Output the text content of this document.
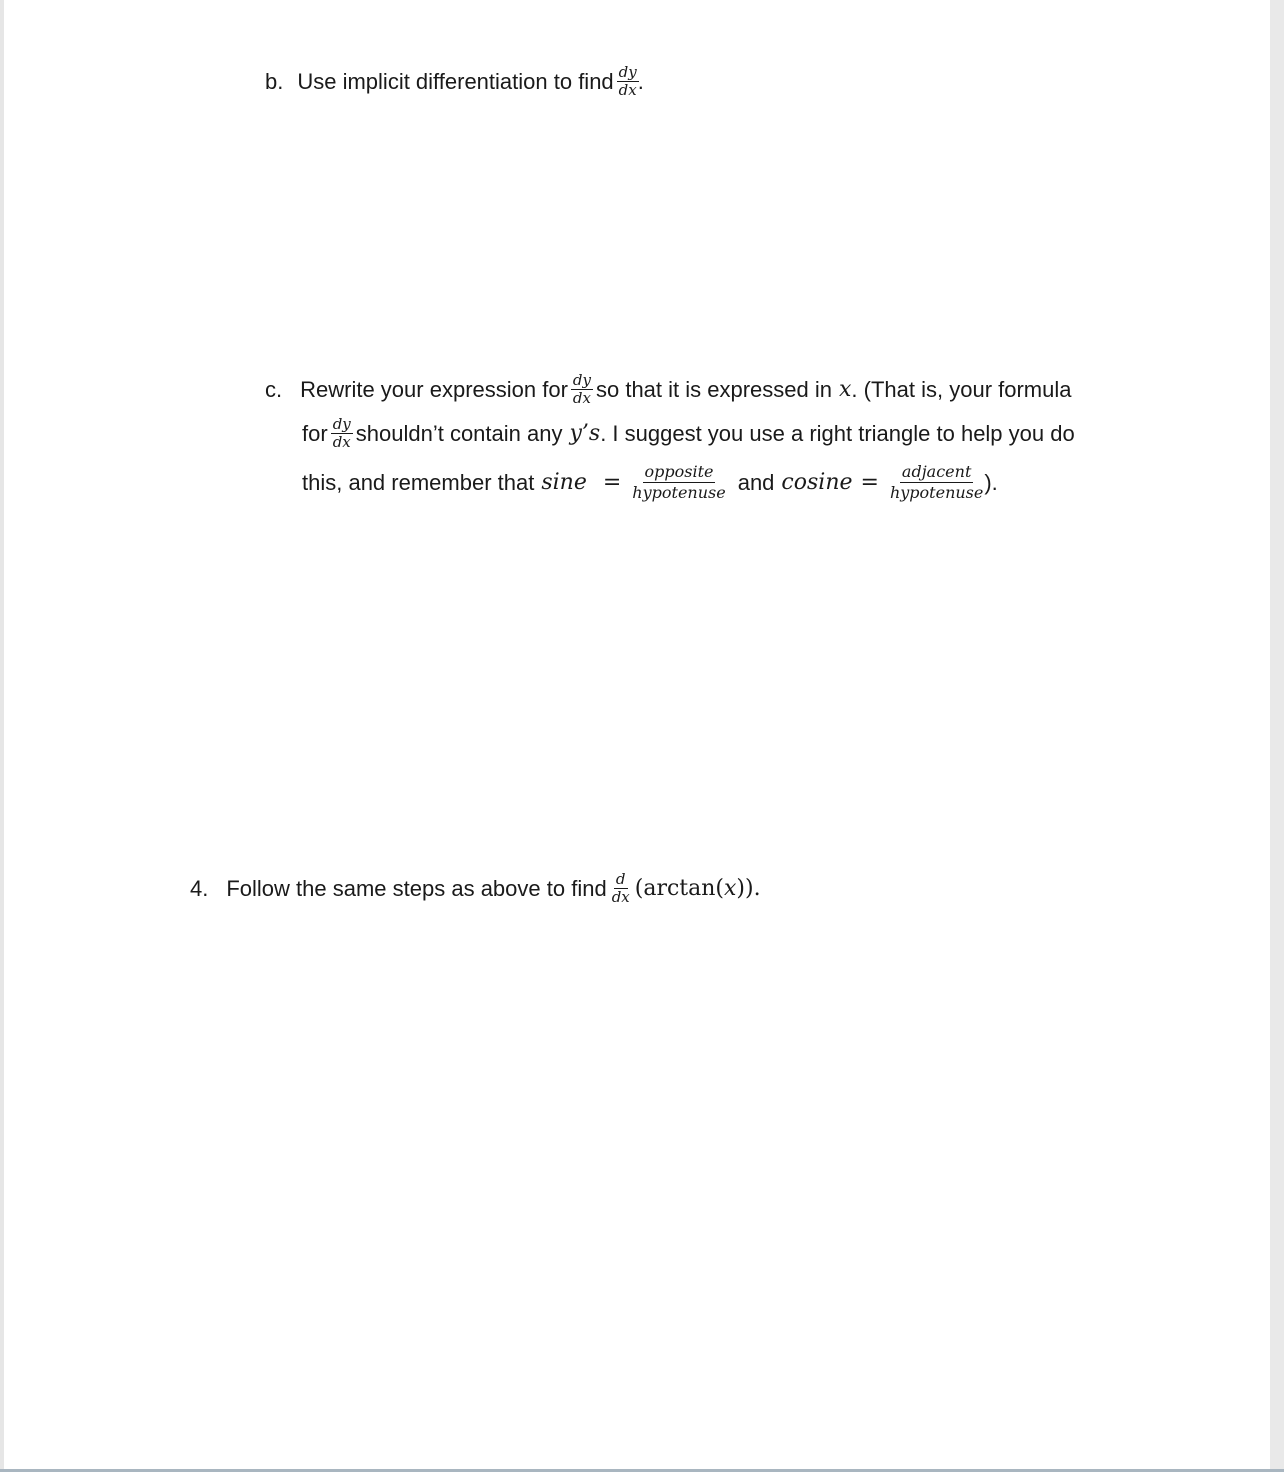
b. Use implicit differentiation to find $\frac{dy}{dx}$ .
c. Rewrite your expression for $\frac{dy}{dx}$ so that it is expressed in x . (That is, your formula
for $\frac{dy}{dx}$ shouldn’t contain any y’s . I suggest you use a right triangle to help you do
this, and remember that $\sin e = \frac{\text{opposite}}{\text{hypotenuse}}$ and $cosine = \frac{\text{adjacent}}{\text{hypotenuse}}$ ).
4. Follow the same steps as above to find $\frac{d}{dx} (\arctan$( x )).
